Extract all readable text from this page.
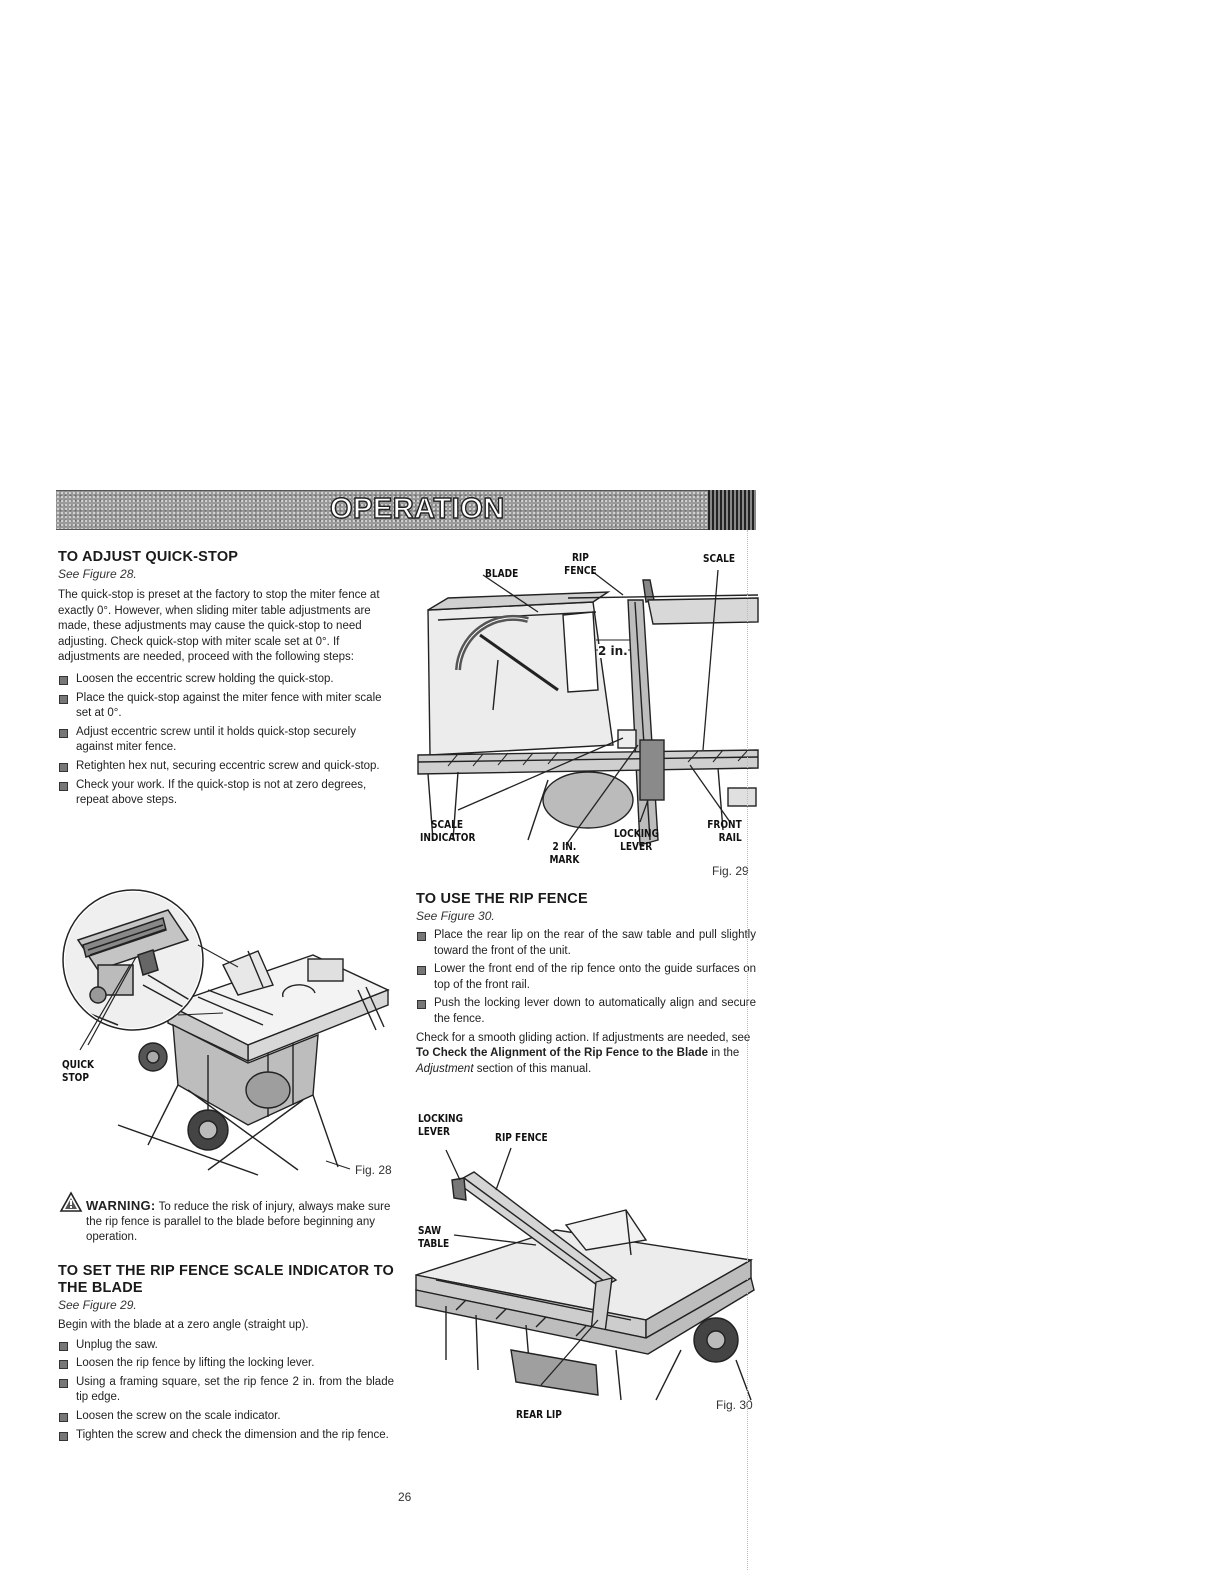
OPERATION
TO ADJUST QUICK-STOP
See Figure 28.
The quick-stop is preset at the factory to stop the miter fence at exactly 0°. However, when sliding miter table adjustments are made, these adjustments may cause the quick-stop to need adjusting. Check quick-stop with miter scale set at 0°. If adjustments are needed, proceed with the following steps:
Loosen the eccentric screw holding the quick-stop.
Place the quick-stop against the miter fence with miter scale set at 0°.
Adjust eccentric screw until it holds quick-stop securely against miter fence.
Retighten hex nut, securing eccentric screw and quick-stop.
Check your work. If the quick-stop is not at zero degrees, repeat above steps.
QUICK STOP
Fig. 28
WARNING: To reduce the risk of injury, always make sure the rip fence is parallel to the blade before beginning any operation.
TO SET THE RIP FENCE SCALE INDICATOR TO THE BLADE
See Figure 29.
Begin with the blade at a zero angle (straight up).
Unplug the saw.
Loosen the rip fence by lifting the locking lever.
Using a framing square, set the rip fence 2 in. from the blade tip edge.
Loosen the screw on the scale indicator.
Tighten the screw and check the dimension and the rip fence.
26
BLADE
RIP FENCE
SCALE
2 in.
SCALE INDICATOR
2 IN. MARK
LOCKING LEVER
FRONT RAIL
Fig. 29
TO USE THE RIP FENCE
See Figure 30.
Place the rear lip on the rear of the saw table and pull slightly toward the front of the unit.
Lower the front end of the rip fence onto the guide surfaces on top of the front rail.
Push the locking lever down to automatically align and secure the fence.
Check for a smooth gliding action. If adjustments are needed, see To Check the Alignment of the Rip Fence to the Blade in the Adjustment section of this manual.
LOCKING LEVER	RIP FENCE
SAW TABLE
REAR LIP
Fig. 30
